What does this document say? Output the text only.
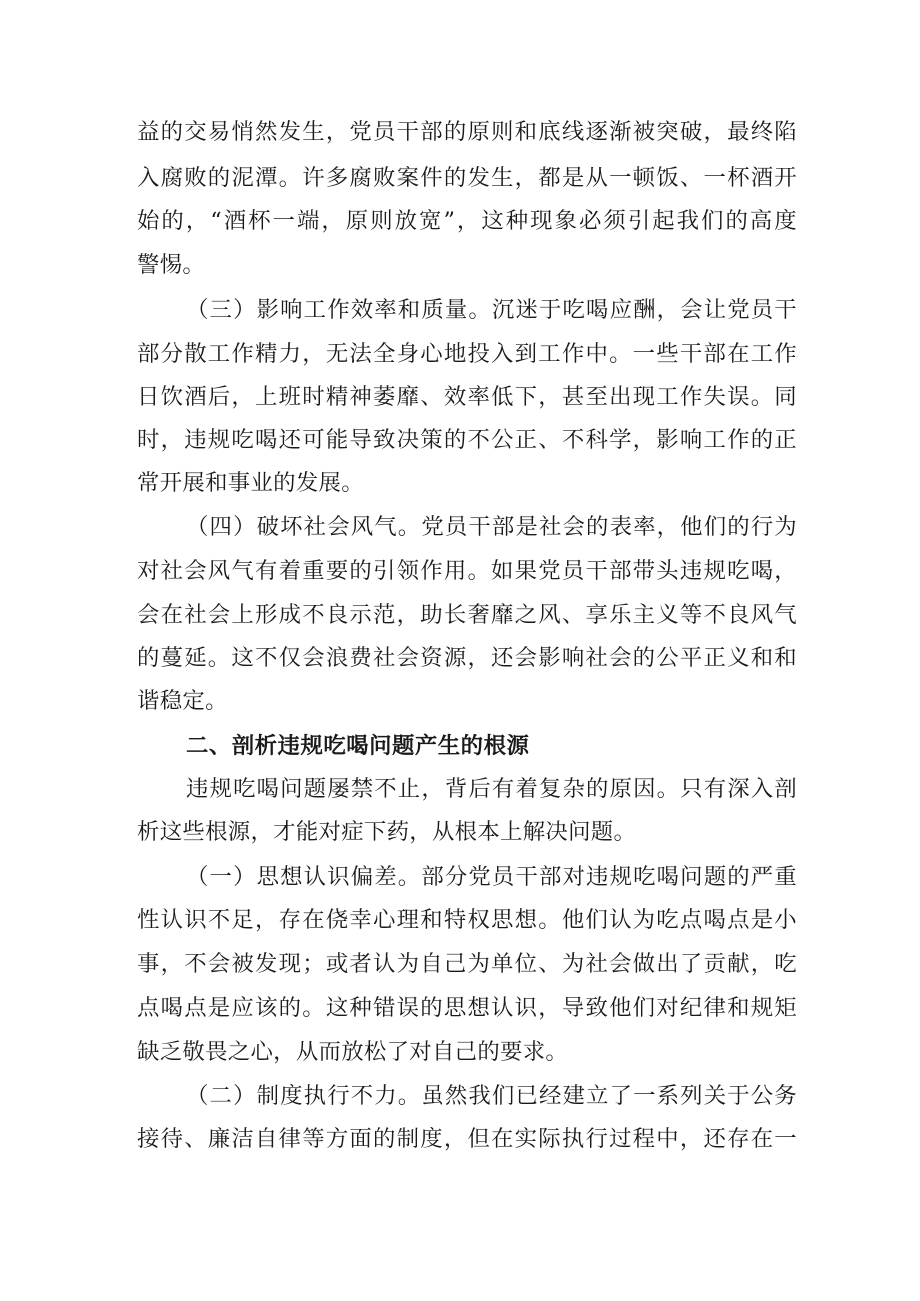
益的交易悄然发生，党员干部的原则和底线逐渐被突破，最终陷
入腐败的泥潭。许多腐败案件的发生，都是从一顿饭、一杯酒开
始的，“酒杯一端，原则放宽”，这种现象必须引起我们的高度
警惕。
（三）影响工作效率和质量。沉迷于吃喝应酬，会让党员干
部分散工作精力，无法全身心地投入到工作中。一些干部在工作
日饮酒后，上班时精神萎靡、效率低下，甚至出现工作失误。同
时，违规吃喝还可能导致决策的不公正、不科学，影响工作的正
常开展和事业的发展。
（四）破坏社会风气。党员干部是社会的表率，他们的行为
对社会风气有着重要的引领作用。如果党员干部带头违规吃喝，
会在社会上形成不良示范，助长奢靡之风、享乐主义等不良风气
的蔓延。这不仅会浪费社会资源，还会影响社会的公平正义和和
谐稳定。
二、剖析违规吃喝问题产生的根源
违规吃喝问题屡禁不止，背后有着复杂的原因。只有深入剖
析这些根源，才能对症下药，从根本上解决问题。
（一）思想认识偏差。部分党员干部对违规吃喝问题的严重
性认识不足，存在侥幸心理和特权思想。他们认为吃点喝点是小
事，不会被发现；或者认为自己为单位、为社会做出了贡献，吃
点喝点是应该的。这种错误的思想认识，导致他们对纪律和规矩
缺乏敬畏之心，从而放松了对自己的要求。
（二）制度执行不力。虽然我们已经建立了一系列关于公务
接待、廉洁自律等方面的制度，但在实际执行过程中，还存在一
